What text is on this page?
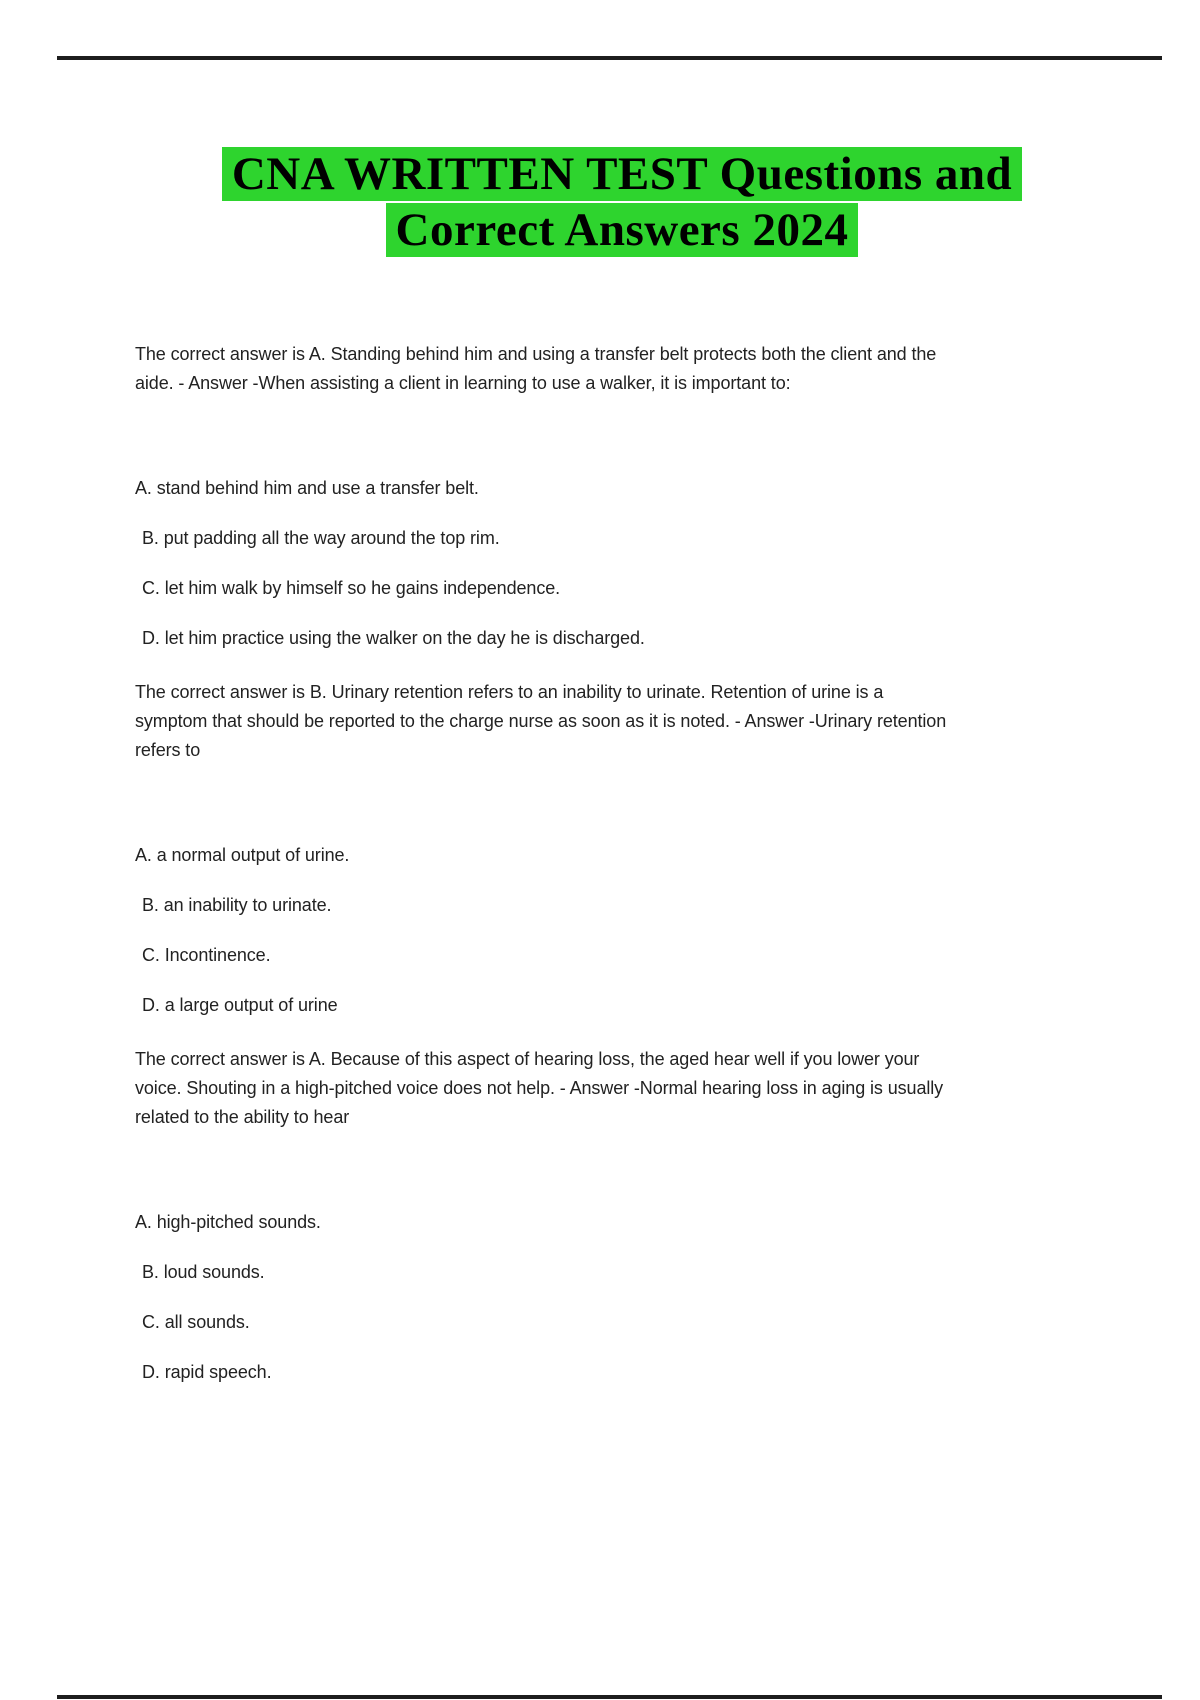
CNA WRITTEN TEST Questions and
Correct Answers 2024
The correct answer is A. Standing behind him and using a transfer belt protects both the client and the
aide. - Answer -When assisting a client in learning to use a walker, it is important to:

A. stand behind him and use a transfer belt.

B. put padding all the way around the top rim.

C. let him walk by himself so he gains independence.

D. let him practice using the walker on the day he is discharged.

The correct answer is B. Urinary retention refers to an inability to urinate. Retention of urine is a
symptom that should be reported to the charge nurse as soon as it is noted. - Answer -Urinary retention
refers to

A. a normal output of urine.

B. an inability to urinate.

C. Incontinence.

D. a large output of urine

The correct answer is A. Because of this aspect of hearing loss, the aged hear well if you lower your
voice. Shouting in a high-pitched voice does not help. - Answer -Normal hearing loss in aging is usually
related to the ability to hear

A. high-pitched sounds.

B. loud sounds.

C. all sounds.

D. rapid speech.
